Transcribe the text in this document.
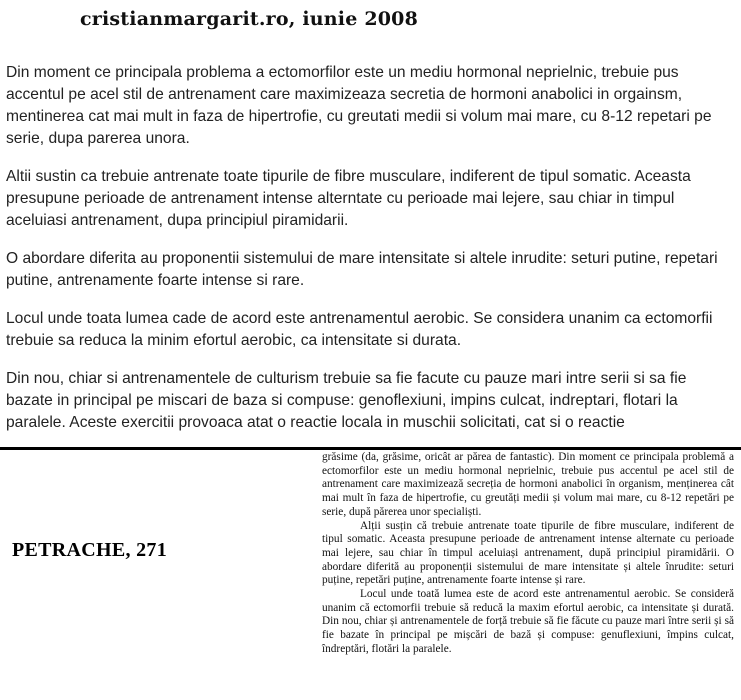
cristianmargarit.ro, iunie 2008

Din moment ce principala problema a ectomorfilor este un mediu hormonal neprielnic, trebuie pus accentul pe acel stil de antrenament care maximizeaza secretia de hormoni anabolici in orgainsm, mentinerea cat mai mult in faza de hipertrofie, cu greutati medii si volum mai mare, cu 8-12 repetari pe serie, dupa parerea unora.

Altii sustin ca trebuie antrenate toate tipurile de fibre musculare, indiferent de tipul somatic. Aceasta presupune perioade de antrenament intense alterntate cu perioade mai lejere, sau chiar in timpul aceluiasi antrenament, dupa principiul piramidarii.

O abordare diferita au proponentii sistemului de mare intensitate si altele inrudite: seturi putine, repetari putine, antrenamente foarte intense si rare.

Locul unde toata lumea cade de acord este antrenamentul aerobic. Se considera unanim ca ectomorfii trebuie sa reduca la minim efortul aerobic, ca intensitate si durata.

Din nou, chiar si antrenamentele de culturism trebuie sa fie facute cu pauze mari intre serii si sa fie bazate in principal pe miscari de baza si compuse: genoflexiuni, impins culcat, indreptari, flotari la paralele. Aceste exercitii provoaca atat o reactie locala in muschii solicitati, cat si o reactie

PETRACHE, 271

grăsime (da, grăsime, oricât ar părea de fantastic). Din moment ce principala problemă a ectomorfilor este un mediu hormonal neprielnic, trebuie pus accentul pe acel stil de antrenament care maximizează secreția de hormoni anabolici în organism, menținerea cât mai mult în faza de hipertrofie, cu greutăți medii și volum mai mare, cu 8-12 repetări pe serie, după părerea unor specialiști.

Alții susțin că trebuie antrenate toate tipurile de fibre musculare, indiferent de tipul somatic. Aceasta presupune perioade de antrenament intense alternate cu perioade mai lejere, sau chiar în timpul aceluiași antrenament, după principiul piramidării. O abordare diferită au proponenții sistemului de mare intensitate și altele înrudite: seturi puține, repetări puține, antrenamente foarte intense și rare.

Locul unde toată lumea este de acord este antrenamentul aerobic. Se consideră unanim că ectomorfii trebuie să reducă la maxim efortul aerobic, ca intensitate și durată. Din nou, chiar și antrenamentele de forță trebuie să fie făcute cu pauze mari între serii și să fie bazate în principal pe mișcări de bază și compuse: genuflexiuni, împins culcat, îndreptări, flotări la paralele.
